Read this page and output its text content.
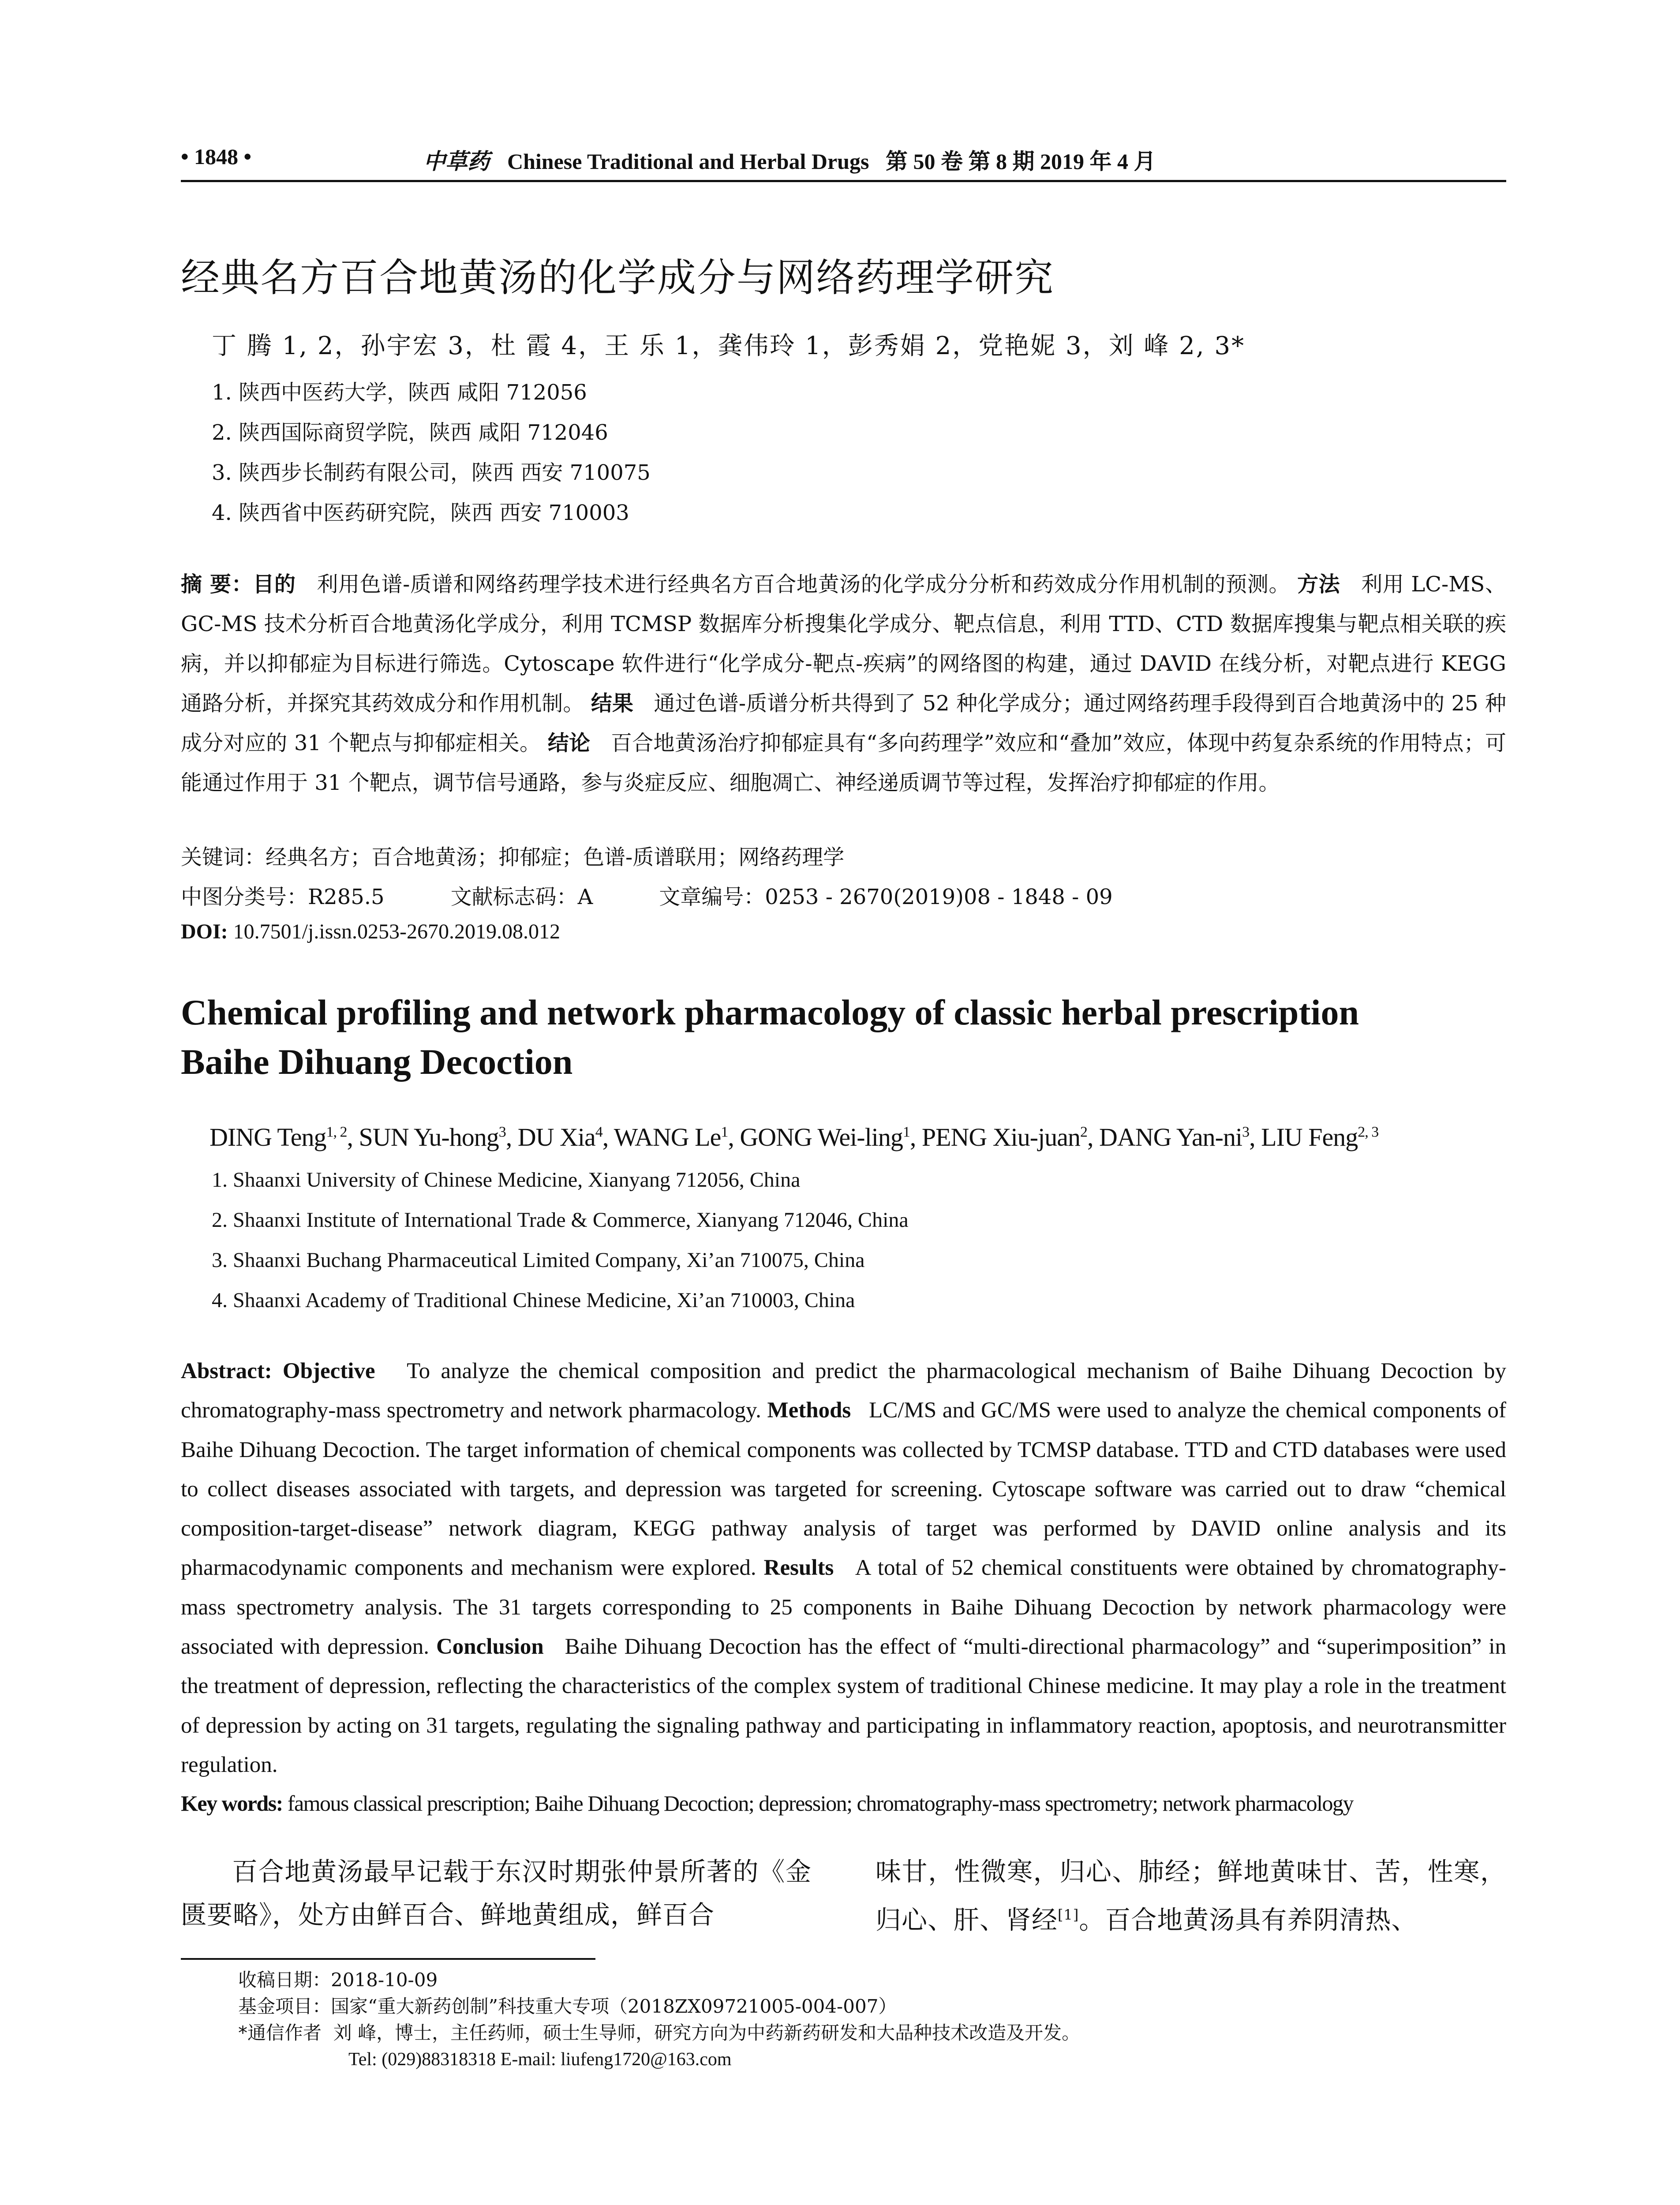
• 1848 •	中草药 Chinese Traditional and Herbal Drugs 第 50 卷 第 8 期 2019 年 4 月
经典名方百合地黄汤的化学成分与网络药理学研究
丁 腾 1, 2，孙宇宏 3，杜 霞 4，王 乐 1，龚伟玲 1，彭秀娟 2，党艳妮 3，刘 峰 2, 3*
1. 陕西中医药大学，陕西 咸阳 712056
2. 陕西国际商贸学院，陕西 咸阳 712046
3. 陕西步长制药有限公司，陕西 西安 710075
4. 陕西省中医药研究院，陕西 西安 710003
摘 要：目的 利用色谱-质谱和网络药理学技术进行经典名方百合地黄汤的化学成分分析和药效成分作用机制的预测。 方法 利用 LC-MS、GC-MS 技术分析百合地黄汤化学成分，利用 TCMSP 数据库分析搜集化学成分、靶点信息，利用 TTD、CTD 数据库搜集与靶点相关联的疾病，并以抑郁症为目标进行筛选。Cytoscape 软件进行“化学成分-靶点-疾病”的网络图的构建，通过 DAVID 在线分析，对靶点进行 KEGG 通路分析，并探究其药效成分和作用机制。 结果 通过色谱-质谱分析共得到了 52 种化学成分；通过网络药理手段得到百合地黄汤中的 25 种成分对应的 31 个靶点与抑郁症相关。 结论 百合地黄汤治疗抑郁症具有“多向药理学”效应和“叠加”效应，体现中药复杂系统的作用特点；可能通过作用于 31 个靶点，调节信号通路，参与炎症反应、细胞凋亡、神经递质调节等过程，发挥治疗抑郁症的作用。
关键词：经典名方；百合地黄汤；抑郁症；色谱-质谱联用；网络药理学
中图分类号：R285.5	文献标志码：A	文章编号：0253 - 2670(2019)08 - 1848 - 09
DOI: 10.7501/j.issn.0253-2670.2019.08.012
Chemical profiling and network pharmacology of classic herbal prescription
Baihe Dihuang Decoction
DING Teng$^{1, 2}$, SUN Yu-hong$^3$, DU Xia$^4$, WANG Le$^1$, GONG Wei-ling$^1$, PENG Xiu-juan$^2$, DANG Yan-$ni^3$, LIU Feng$^{2, 3}$
1. Shaanxi University of Chinese Medicine, Xianyang 712056, China
2. Shaanxi Institute of International Trade & Commerce, Xianyang 712046, China
3. Shaanxi Buchang Pharmaceutical Limited Company, Xi’an 710075, China
4. Shaanxi Academy of Traditional Chinese Medicine, Xi’an 710003, China
Abstract: Objective To analyze the chemical composition and predict the pharmacological mechanism of Baihe Dihuang Decoction by chromatography-mass spectrometry and network pharmacology. Methods LC/MS and GC/MS were used to analyze the chemical components of Baihe Dihuang Decoction. The target information of chemical components was collected by TCMSP database. TTD and CTD databases were used to collect diseases associated with targets, and depression was targeted for screening. Cytoscape software was carried out to draw “chemical composition-target-disease” network diagram, KEGG pathway analysis of target was performed by DAVID online analysis and its pharmacodynamic components and mechanism were explored. Results A total of 52 chemical constituents were obtained by chromatography-mass spectrometry analysis. The 31 targets corresponding to 25 components in Baihe Dihuang Decoction by network pharmacology were associated with depression. Conclusion Baihe Dihuang Decoction has the effect of “multi-directional pharmacology” and “superimposition” in the treatment of depression, reflecting the characteristics of the complex system of traditional Chinese medicine. It may play a role in the treatment of depression by acting on 31 targets, regulating the signaling pathway and participating in inflammatory reaction, apoptosis, and neurotransmitter regulation.
Key words: famous classical prescription; Baihe Dihuang Decoction; depression; chromatography-mass spectrometry; network pharmacology
百合地黄汤最早记载于东汉时期张仲景所著的《金匮要略》，处方由鲜百合、鲜地黄组成，鲜百合
味甘，性微寒，归心、肺经；鲜地黄味甘、苦，性寒，归心、肝、肾经[1]。百合地黄汤具有养阴清热、
收稿日期：2018-10-09
基金项目：国家“重大新药创制”科技重大专项（2018ZX09721005-004-007）
*通信作者 刘 峰，博士，主任药师，硕士生导师，研究方向为中药新药研发和大品种技术改造及开发。
Tel: (029)88318318 E-mail: liufeng1720@163.com
